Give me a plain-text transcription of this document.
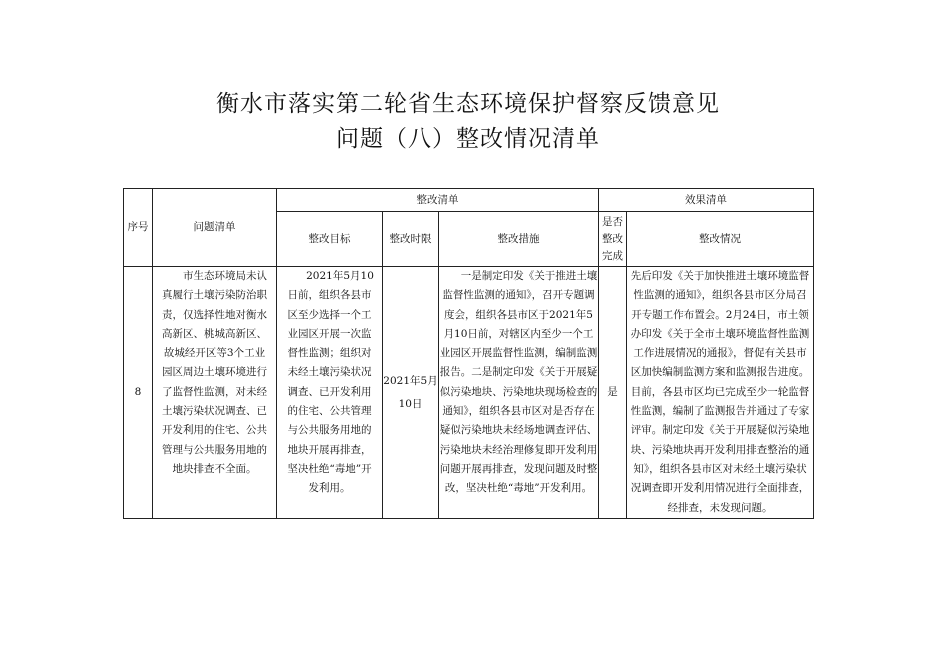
衡水市落实第二轮省生态环境保护督察反馈意见
问题（八）整改情况清单
序号	问题清单	整改清单			效果清单	
		整改目标	整改时限	整改措施	是否整改完成	整改情况
8	　　市生态环境局未认真履行土壤污染防治职责，仅选择性地对衡水高新区、桃城高新区、故城经开区等3个工业园区周边土壤环境进行了监督性监测，对未经土壤污染状况调查、已开发利用的住宅、公共管理与公共服务用地的地块排查不全面。	　　2021年5月10日前，组织各县市区至少选择一个工业园区开展一次监督性监测；组织对未经土壤污染状况调查、已开发利用的住宅、公共管理与公共服务用地的地块开展再排查，坚决杜绝“毒地”开发利用。	2021年5月10日	　　一是制定印发《关于推进土壤监督性监测的通知》，召开专题调度会，组织各县市区于2021年5月10日前，对辖区内至少一个工业园区开展监督性监测，编制监测报告。二是制定印发《关于开展疑似污染地块、污染地块现场检查的通知》，组织各县市区对是否存在疑似污染地块未经场地调查评估、污染地块未经治理修复即开发利用问题开展再排查，发现问题及时整改，坚决杜绝“毒地”开发利用。	是	先后印发《关于加快推进土壤环境监督性监测的通知》，组织各县市区分局召开专题工作布置会。2月24日，市土领办印发《关于全市土壤环境监督性监测工作进展情况的通报》，督促有关县市区加快编制监测方案和监测报告进度。目前，各县市区均已完成至少一轮监督性监测，编制了监测报告并通过了专家评审。制定印发《关于开展疑似污染地块、污染地块再开发利用排查整治的通知》，组织各县市区对未经土壤污染状况调查即开发利用情况进行全面排查，经排查，未发现问题。
